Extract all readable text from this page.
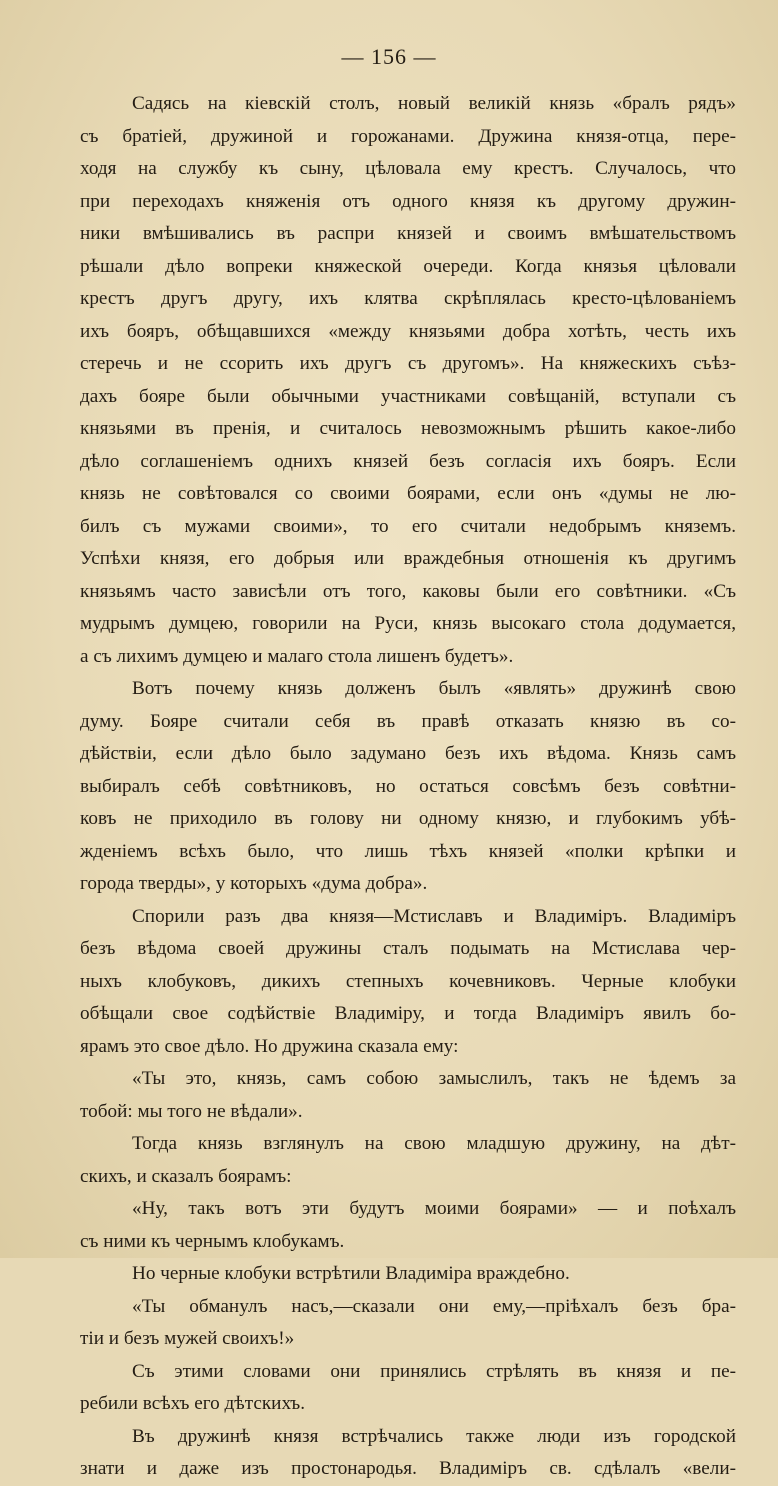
— 156 —
Садясь на кіевскій столъ, новый великій князь «бралъ рядъ»
съ братіей, дружиной и горожанами. Дружина князя-отца, пере-
ходя на службу къ сыну, цѣловала ему крестъ. Случалось, что
при переходахъ княженія отъ одного князя къ другому дружин-
ники вмѣшивались въ распри князей и своимъ вмѣшательствомъ
рѣшали дѣло вопреки княжеской очереди. Когда князья цѣловали
крестъ другъ другу, ихъ клятва скрѣплялась кресто-цѣлованіемъ
ихъ бояръ, обѣщавшихся «между князьями добра хотѣть, честь ихъ
стеречь и не ссорить ихъ другъ съ другомъ». На княжескихъ съѣз-
дахъ бояре были обычными участниками совѣщаній, вступали съ
князьями въ пренія, и считалось невозможнымъ рѣшить какое-либо
дѣло соглашеніемъ однихъ князей безъ согласія ихъ бояръ. Если
князь не совѣтовался со своими боярами, если онъ «думы не лю-
билъ съ мужами своими», то его считали недобрымъ княземъ.
Успѣхи князя, его добрыя или враждебныя отношенія къ другимъ
князьямъ часто зависѣли отъ того, каковы были его совѣтники. «Съ
мудрымъ думцею, говорили на Руси, князь высокаго стола додумается,
а съ лихимъ думцею и малаго стола лишенъ будетъ».
Вотъ почему князь долженъ былъ «являть» дружинѣ свою
думу. Бояре считали себя въ правѣ отказать князю въ со-
дѣйствіи, если дѣло было задумано безъ ихъ вѣдома. Князь самъ
выбиралъ себѣ совѣтниковъ, но остаться совсѣмъ безъ совѣтни-
ковъ не приходило въ голову ни одному князю, и глубокимъ убѣ-
жденіемъ всѣхъ было, что лишь тѣхъ князей «полки крѣпки и
города тверды», у которыхъ «дума добра».
Спорили разъ два князя—Мстиславъ и Владиміръ. Владиміръ
безъ вѣдома своей дружины сталъ подымать на Мстислава чер-
ныхъ клобуковъ, дикихъ степныхъ кочевниковъ. Черные клобуки
обѣщали свое содѣйствіе Владиміру, и тогда Владиміръ явилъ бо-
ярамъ это свое дѣло. Но дружина сказала ему:
«Ты это, князь, самъ собою замыслилъ, такъ не ѣдемъ за
тобой: мы того не вѣдали».
Тогда князь взглянулъ на свою младшую дружину, на дѣт-
скихъ, и сказалъ боярамъ:
«Ну, такъ вотъ эти будутъ моими боярами» — и поѣхалъ
съ ними къ чернымъ клобукамъ.
Но черные клобуки встрѣтили Владиміра враждебно.
«Ты обманулъ насъ,—сказали они ему,—пріѣхалъ безъ бра-
тіи и безъ мужей своихъ!»
Съ этими словами они принялись стрѣлять въ князя и пе-
ребили всѣхъ его дѣтскихъ.
Въ дружинѣ князя встрѣчались также люди изъ городской
знати и даже изъ простонародья. Владиміръ св. сдѣлалъ «вели-
